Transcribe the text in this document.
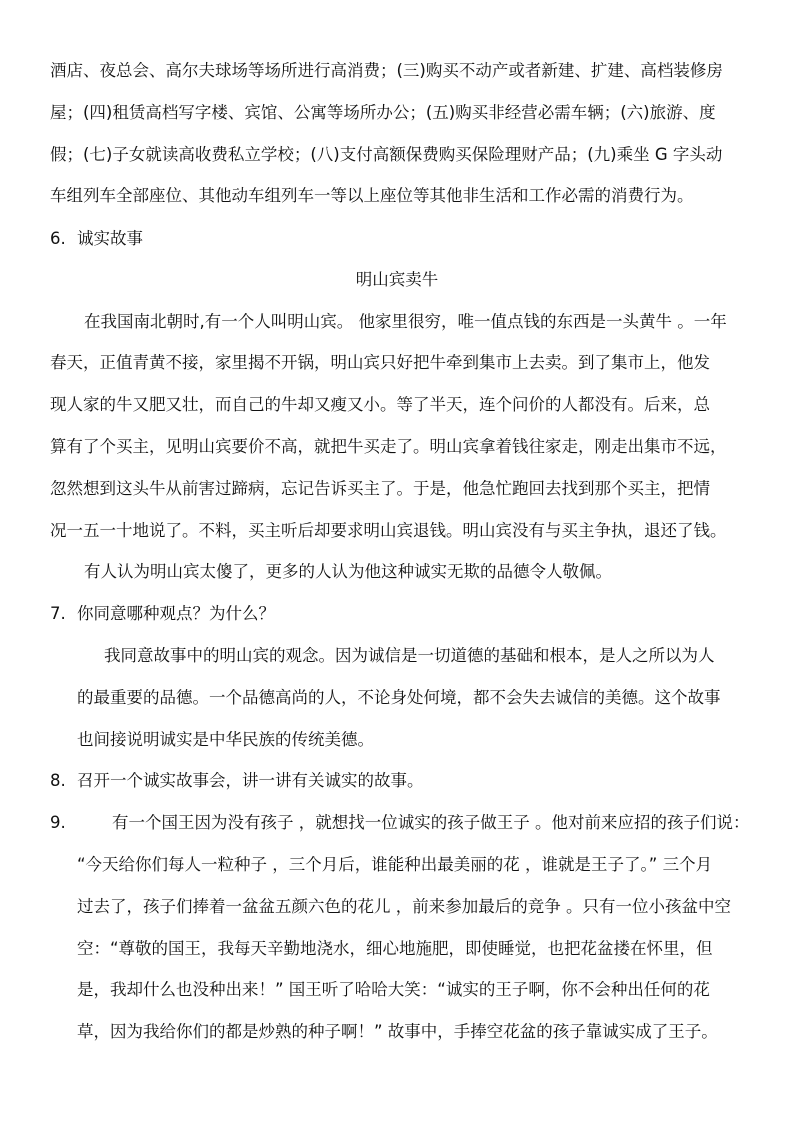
酒店、夜总会、高尔夫球场等场所进行高消费；(三)购买不动产或者新建、扩建、高档装修房
屋；(四)租赁高档写字楼、宾馆、公寓等场所办公；(五)购买非经营必需车辆；(六)旅游、度
假；(七)子女就读高收费私立学校；(八)支付高额保费购买保险理财产品；(九)乘坐 G 字头动
车组列车全部座位、其他动车组列车一等以上座位等其他非生活和工作必需的消费行为。
6. 诚实故事
明山宾卖牛
在我国南北朝时,有一个人叫明山宾。 他家里很穷，唯一值点钱的东西是一头黄牛 。一年
春天，正值青黄不接，家里揭不开锅，明山宾只好把牛牵到集市上去卖。到了集市上，他发
现人家的牛又肥又壮，而自己的牛却又瘦又小。等了半天，连个问价的人都没有。后来，总
算有了个买主，见明山宾要价不高，就把牛买走了。明山宾拿着钱往家走，刚走出集市不远，
忽然想到这头牛从前害过蹄病，忘记告诉买主了。于是，他急忙跑回去找到那个买主，把情
况一五一十地说了。不料，买主听后却要求明山宾退钱。明山宾没有与买主争执，退还了钱。
有人认为明山宾太傻了，更多的人认为他这种诚实无欺的品德令人敬佩。
7. 你同意哪种观点？为什么？
我同意故事中的明山宾的观念。因为诚信是一切道德的基础和根本，是人之所以为人
的最重要的品德。一个品德高尚的人，不论身处何境，都不会失去诚信的美德。这个故事
也间接说明诚实是中华民族的传统美德。
8. 召开一个诚实故事会，讲一讲有关诚实的故事。
9.	有一个国王因为没有孩子 ，就想找一位诚实的孩子做王子 。他对前来应招的孩子们说：
“今天给你们每人一粒种子 ，三个月后，谁能种出最美丽的花 ，谁就是王子了。” 三个月
过去了，孩子们捧着一盆盆五颜六色的花儿 ，前来参加最后的竞争 。只有一位小孩盆中空
空：“尊敬的国王，我每天辛勤地浇水，细心地施肥，即使睡觉，也把花盆搂在怀里，但
是，我却什么也没种出来！” 国王听了哈哈大笑：“诚实的王子啊，你不会种出任何的花
草，因为我给你们的都是炒熟的种子啊！” 故事中，手捧空花盆的孩子靠诚实成了王子。
